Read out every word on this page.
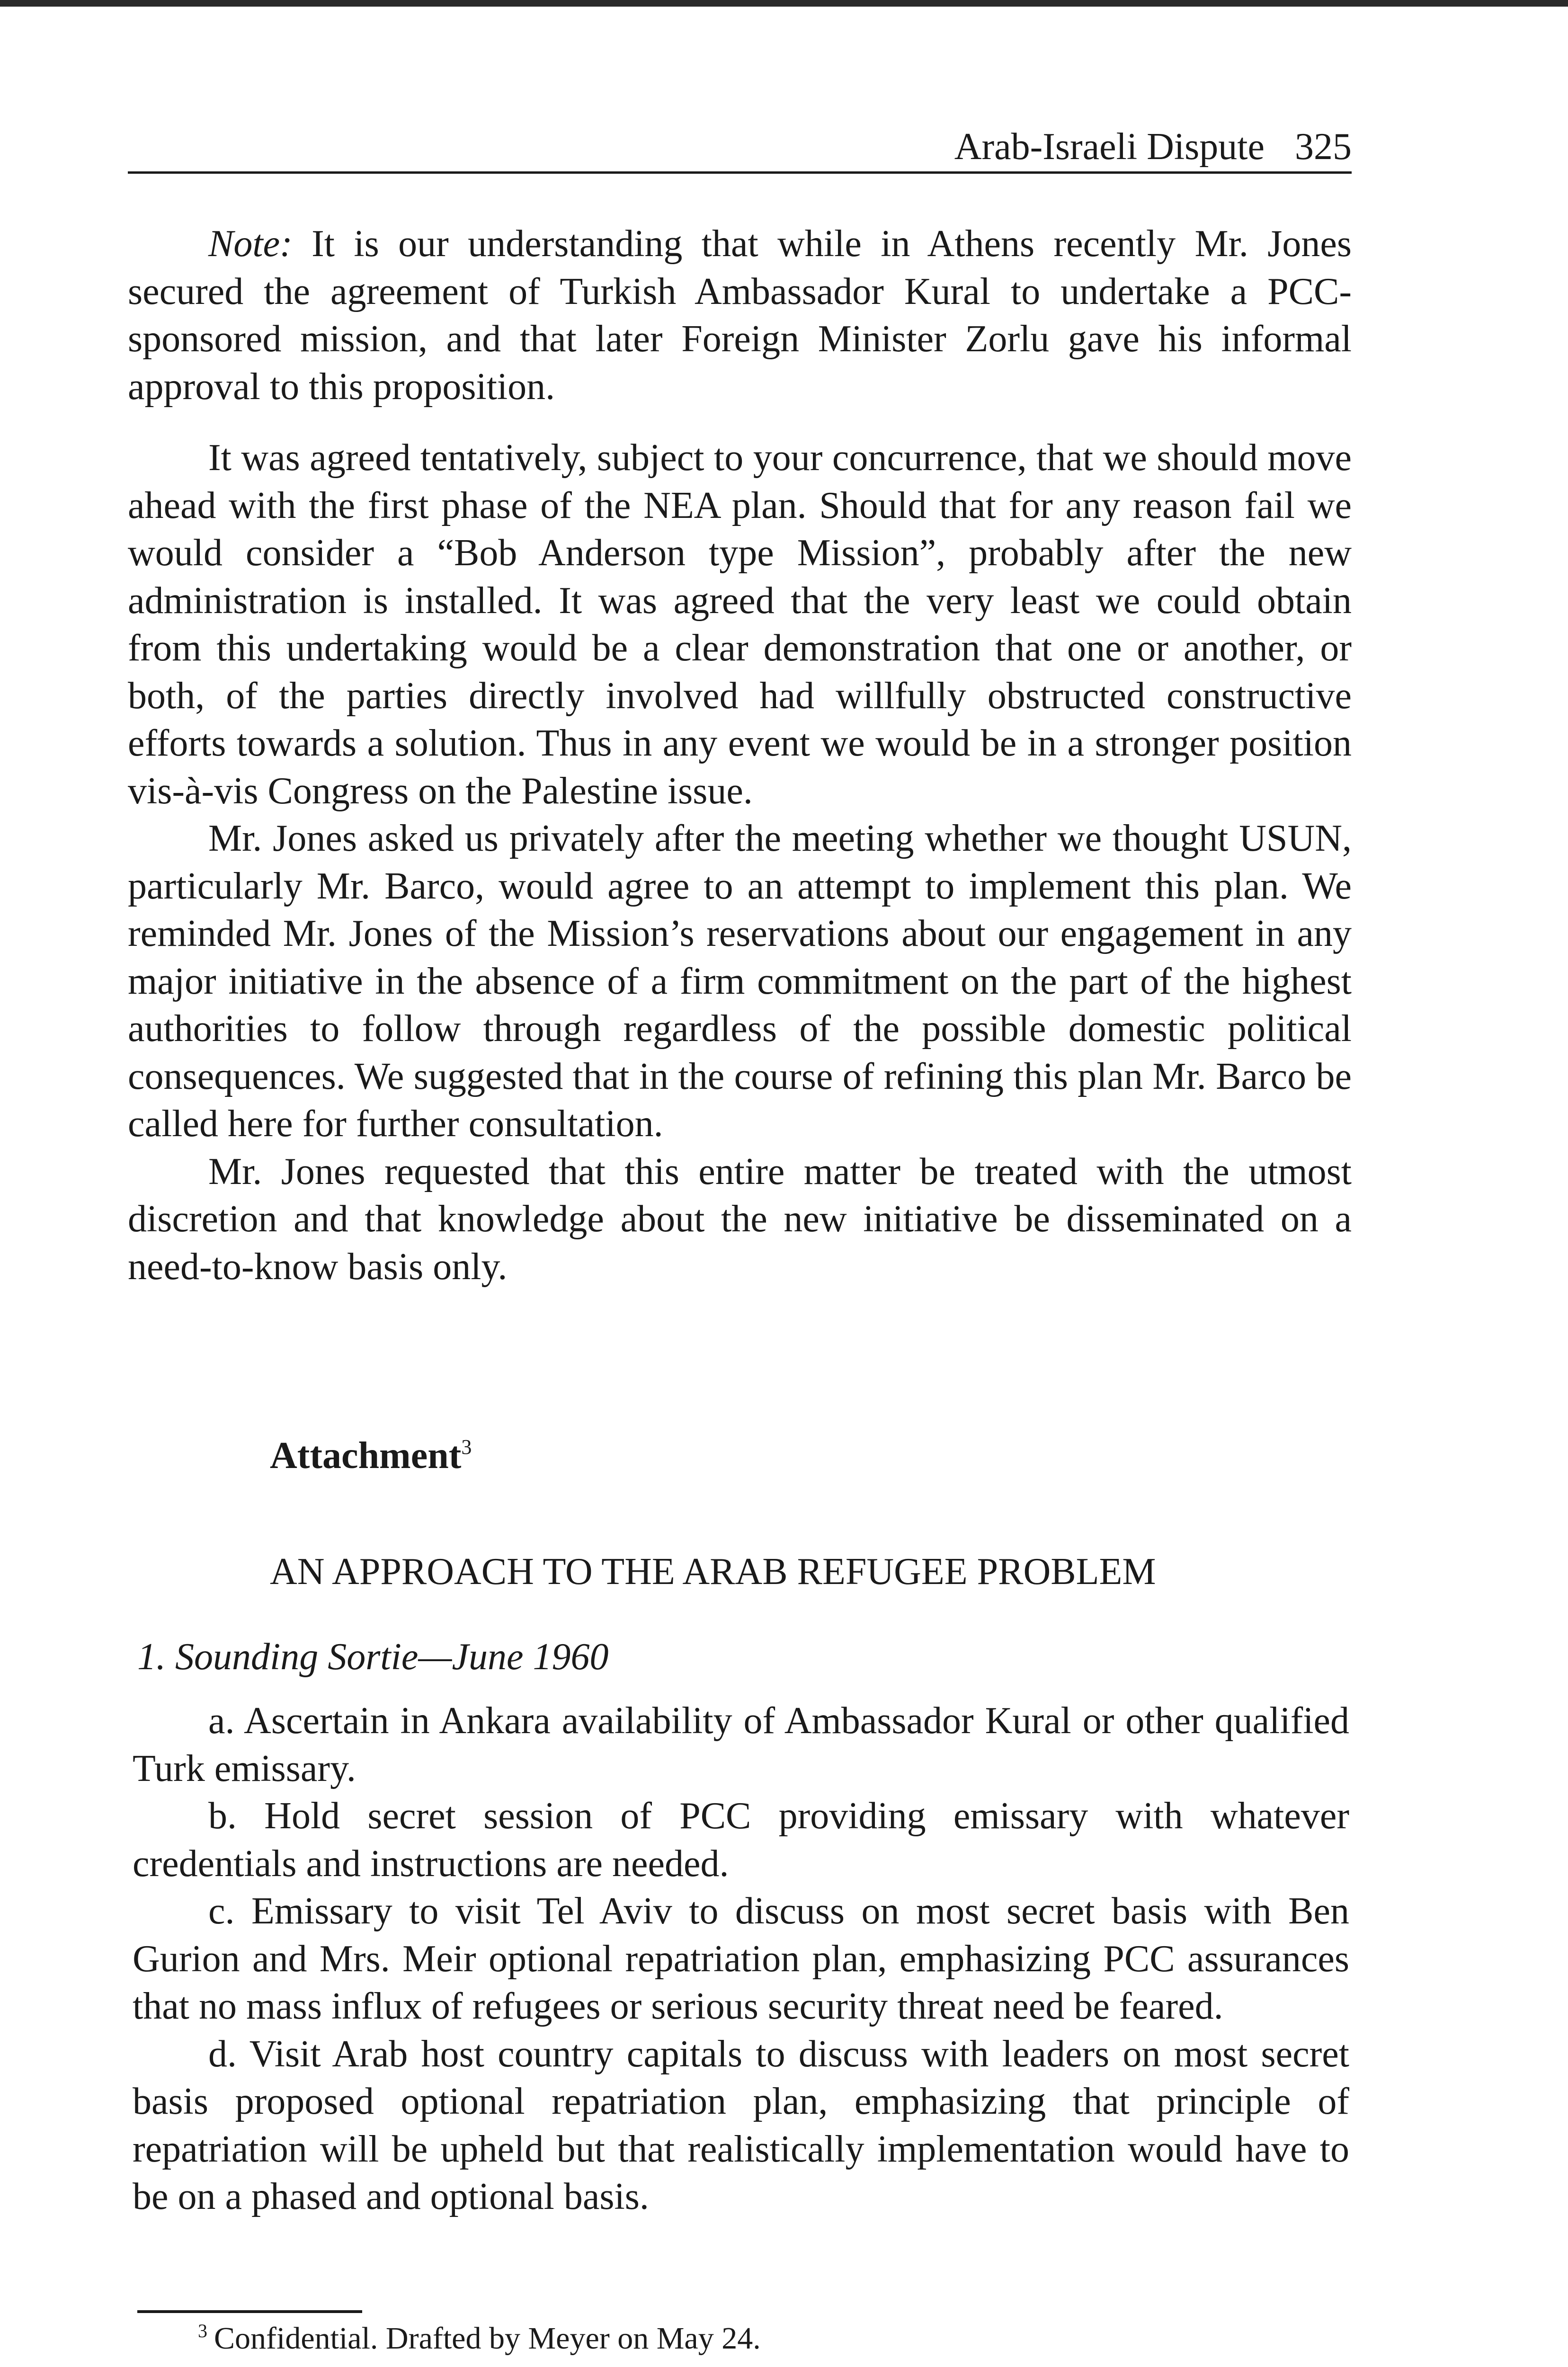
Arab-Israeli Dispute 325

Note: It is our understanding that while in Athens recently Mr. Jones secured the agreement of Turkish Ambassador Kural to undertake a PCC-sponsored mission, and that later Foreign Minister Zorlu gave his informal approval to this proposition.

It was agreed tentatively, subject to your concurrence, that we should move ahead with the first phase of the NEA plan. Should that for any reason fail we would consider a “Bob Anderson type Mission”, probably after the new administration is installed. It was agreed that the very least we could obtain from this undertaking would be a clear demonstration that one or another, or both, of the parties directly involved had willfully obstructed constructive efforts towards a solution. Thus in any event we would be in a stronger position vis-à-vis Congress on the Palestine issue.

Mr. Jones asked us privately after the meeting whether we thought USUN, particularly Mr. Barco, would agree to an attempt to implement this plan. We reminded Mr. Jones of the Mission’s reservations about our engagement in any major initiative in the absence of a firm commitment on the part of the highest authorities to follow through regardless of the possible domestic political consequences. We suggested that in the course of refining this plan Mr. Barco be called here for further consultation.

Mr. Jones requested that this entire matter be treated with the utmost discretion and that knowledge about the new initiative be disseminated on a need-to-know basis only.

Attachment$^3$
AN APPROACH TO THE ARAB REFUGEE PROBLEM
1. Sounding Sortie—June 1960

a. Ascertain in Ankara availability of Ambassador Kural or other qualified Turk emissary.

b. Hold secret session of PCC providing emissary with whatever credentials and instructions are needed.

c. Emissary to visit Tel Aviv to discuss on most secret basis with Ben Gurion and Mrs. Meir optional repatriation plan, emphasizing PCC assurances that no mass influx of refugees or serious security threat need be feared.

d. Visit Arab host country capitals to discuss with leaders on most secret basis proposed optional repatriation plan, emphasizing that principle of repatriation will be upheld but that realistically implementation would have to be on a phased and optional basis.

$^3$ Confidential. Drafted by Meyer on May 24.
